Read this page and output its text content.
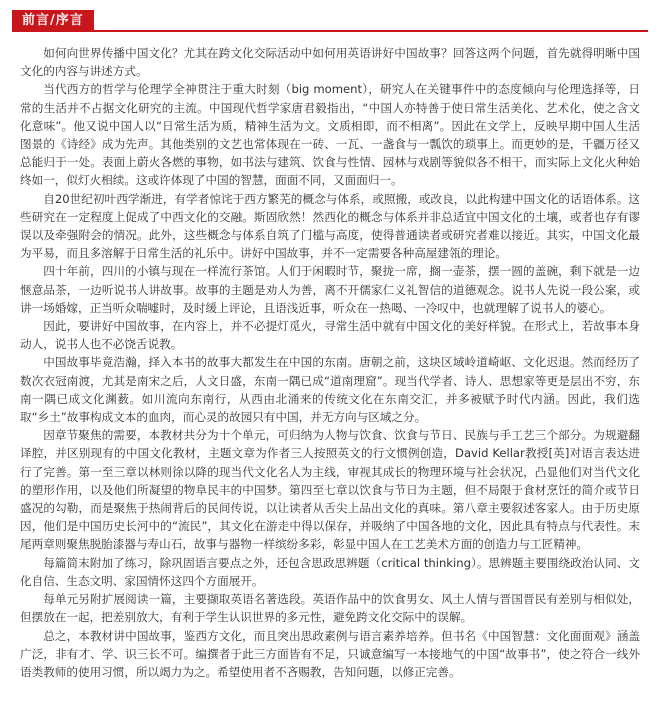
前言/序言

如何向世界传播中国文化？尤其在跨文化交际活动中如何用英语讲好中国故事？回答这两个问题，首先就得明晰中国文化的内容与讲述方式。

当代西方的哲学与伦理学全神贯注于重大时刻（big moment），研究人在关键事件中的态度倾向与伦理选择等，日常的生活并不占据文化研究的主流。中国现代哲学家唐君毅指出，“中国人亦特善于使日常生活美化、艺术化，使之含文化意味”。他又说中国人以“日常生活为质，精神生活为文。文质相即，而不相离”。因此在文学上，反映早期中国人生活图景的《诗经》成为先声。其他类别的文艺也常体现在一砖、一瓦、一盏食与一瓢饮的琐事上。而更妙的是，千疆万径又总能归于一处。表面上蔚火各燃的事物，如书法与建筑、饮食与性情、园林与戏剧等貌似各不相干，而实际上文化火种始终如一，似灯火相续。这或许体现了中国的智慧，面面不同，又面面归一。

自20世纪初叶西学渐进，有学者惊诧于西方繁芜的概念与体系，或照搬，或改良，以此构建中国文化的话语体系。这些研究在一定程度上促成了中西文化的交融。斯固欣然！然西化的概念与体系并非总适宜中国文化的土壤，或者也存有谬误以及牵强附会的情况。此外，这些概念与体系自筑了门槛与高度，使得普通读者或研究者难以接近。其实，中国文化最为平易，而且多溶解于日常生活的礼乐中。讲好中国故事，并不一定需要各种高屋建瓴的理论。

四十年前，四川的小镇与现在一样流行茶馆。人们于闲暇时节，聚拢一席，搁一壶茶，摆一圆的盖碗，剩下就是一边惬意品茶，一边听说书人讲故事。故事的主题是劝人为善，离不开儒家仁义礼智信的道德观念。说书人先说一段公案，或讲一场婚嫁，正当听众喘嘘时，及时缓上评论，且语浅近事，听众在一热喝、一冷叹中，也就理解了说书人的婆心。

因此，要讲好中国故事，在内容上，并不必提灯觅火，寻常生活中就有中国文化的美好样貌。在形式上，若故事本身动人，说书人也不必饶舌说教。

中国故事毕竟浩瀚，择入本书的故事大都发生在中国的东南。唐朝之前，这块区域岭道崎岖、文化迟退。然而经历了数次衣冠南渡，尤其是南宋之后，人文日盛，东南一隅已成“道南理窟”。现当代学者、诗人、思想家等更是层出不穷，东南一隅已成文化渊薮。如川流向东南行，从西由北涌来的传统文化在东南交汇，并多被赋予时代内涵。因此，我们选取“乡土”故事构成文本的血肉，而心灵的故园只有中国，并无方向与区域之分。

因章节聚焦的需要，本教材共分为十个单元，可归纳为人物与饮食、饮食与节日、民族与手工艺三个部分。为规避翻译腔，并区别现有的中国文化教材，主题文章为作者三人按照英文的行文惯例创造，David Kellar教授[英]对语言表达进行了完善。第一至三章以林则徐以降的现当代文化名人为主线，审视其成长的物理环境与社会状况，凸显他们对当代文化的塑形作用，以及他们所凝望的物阜民丰的中国梦。第四至七章以饮食与节日为主题，但不局限于食材烹饪的简介或节日盛况的勾勒，而是聚焦于热闹背后的民间传说，以让读者从舌尖上品出文化的真味。第八章主要叙述客家人。由于历史原因，他们是中国历史长河中的“流民”，其文化在游走中得以保存，并吸纳了中国各地的文化，因此具有特点与代表性。末尾两章则聚焦脱胎漆器与寿山石，故事与器物一样缤纷多彩，彰显中国人在工艺美术方面的创造力与工匠精神。

每篇简末附加了练习，除巩固语言要点之外，还包含思政思辨题（critical thinking）。思辨题主要围绕政治认同、文化自信、生态文明、家国情怀这四个方面展开。

每单元另附扩展阅读一篇，主要撷取英语名著选段。英语作品中的饮食男女、风土人情与晋国晋民有差别与相似处，但摆放在一起，把差别放大，有利于学生认识世界的多元性，避免跨文化交际中的误解。

总之，本教材讲中国故事，鉴西方文化，而且突出思政素例与语言素养培养。但书名《中国智慧：文化面面观》涵盖广泛，非有才、学、识三长不可。编撰者于此三方面皆有不足，只诚意编写一本接地气的中国“故事书”，使之符合一线外语类教师的使用习惯，所以竭力为之。希望使用者不吝赐教，告知问题，以修正完善。
